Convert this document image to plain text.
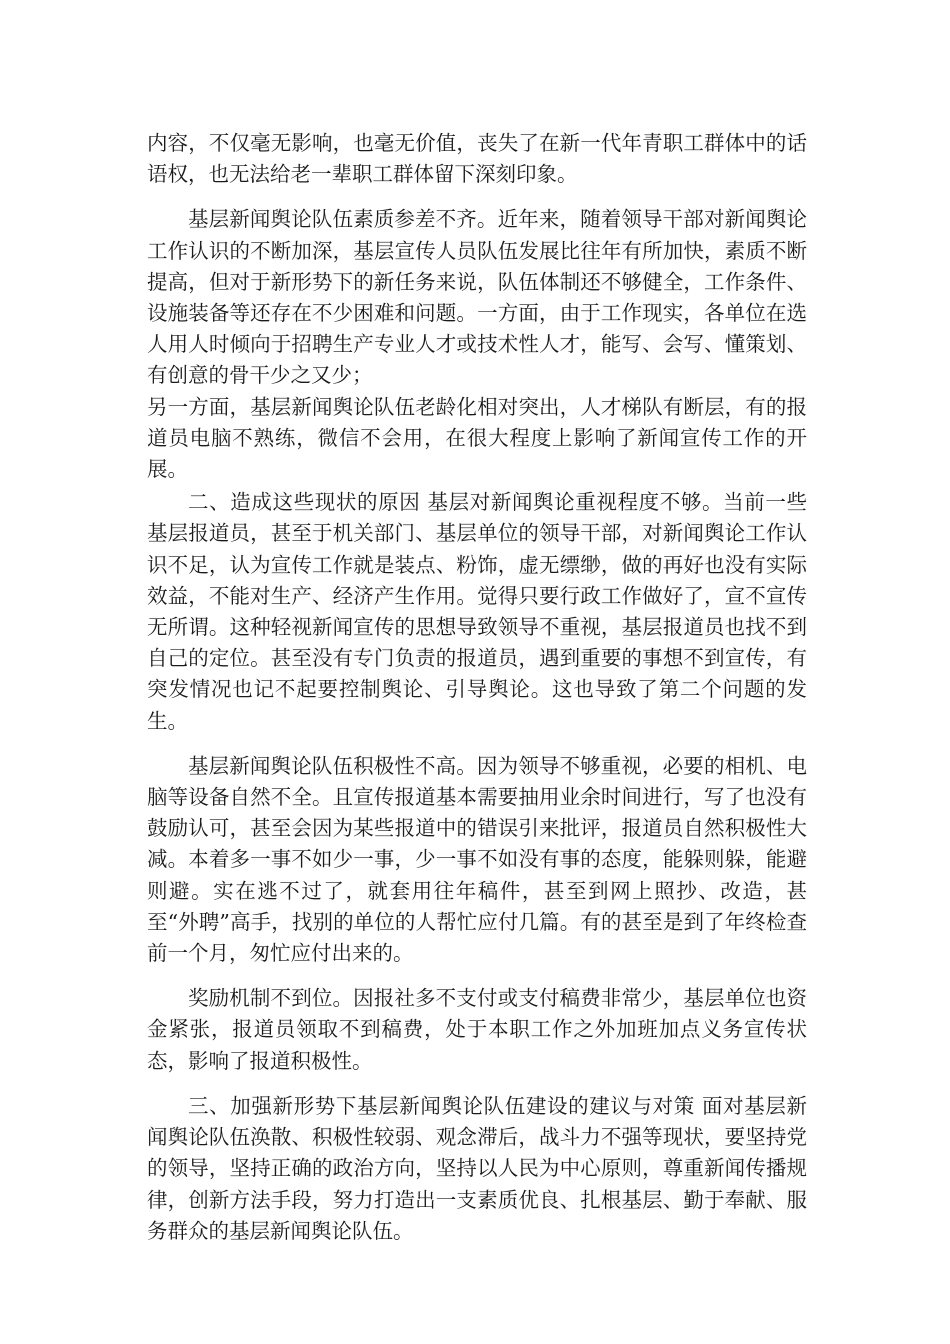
内容，不仅毫无影响，也毫无价值，丧失了在新一代年青职工群体中的话语权，也无法给老一辈职工群体留下深刻印象。

基层新闻舆论队伍素质参差不齐。近年来，随着领导干部对新闻舆论工作认识的不断加深，基层宣传人员队伍发展比往年有所加快，素质不断提高，但对于新形势下的新任务来说，队伍体制还不够健全，工作条件、设施装备等还存在不少困难和问题。一方面，由于工作现实，各单位在选人用人时倾向于招聘生产专业人才或技术性人才，能写、会写、懂策划、有创意的骨干少之又少；

另一方面，基层新闻舆论队伍老龄化相对突出，人才梯队有断层，有的报道员电脑不熟练，微信不会用，在很大程度上影响了新闻宣传工作的开展。

二、造成这些现状的原因 基层对新闻舆论重视程度不够。当前一些基层报道员，甚至于机关部门、基层单位的领导干部，对新闻舆论工作认识不足，认为宣传工作就是装点、粉饰，虚无缥缈，做的再好也没有实际效益，不能对生产、经济产生作用。觉得只要行政工作做好了，宣不宣传无所谓。这种轻视新闻宣传的思想导致领导不重视，基层报道员也找不到自己的定位。甚至没有专门负责的报道员，遇到重要的事想不到宣传，有突发情况也记不起要控制舆论、引导舆论。这也导致了第二个问题的发生。

基层新闻舆论队伍积极性不高。因为领导不够重视，必要的相机、电脑等设备自然不全。且宣传报道基本需要抽用业余时间进行，写了也没有鼓励认可，甚至会因为某些报道中的错误引来批评，报道员自然积极性大减。本着多一事不如少一事，少一事不如没有事的态度，能躲则躲，能避则避。实在逃不过了，就套用往年稿件，甚至到网上照抄、改造，甚至“外聘”高手，找别的单位的人帮忙应付几篇。有的甚至是到了年终检查前一个月，匆忙应付出来的。

奖励机制不到位。因报社多不支付或支付稿费非常少，基层单位也资金紧张，报道员领取不到稿费，处于本职工作之外加班加点义务宣传状态，影响了报道积极性。

三、加强新形势下基层新闻舆论队伍建设的建议与对策 面对基层新闻舆论队伍涣散、积极性较弱、观念滞后，战斗力不强等现状，要坚持党的领导，坚持正确的政治方向，坚持以人民为中心原则，尊重新闻传播规律，创新方法手段，努力打造出一支素质优良、扎根基层、勤于奉献、服务群众的基层新闻舆论队伍。
